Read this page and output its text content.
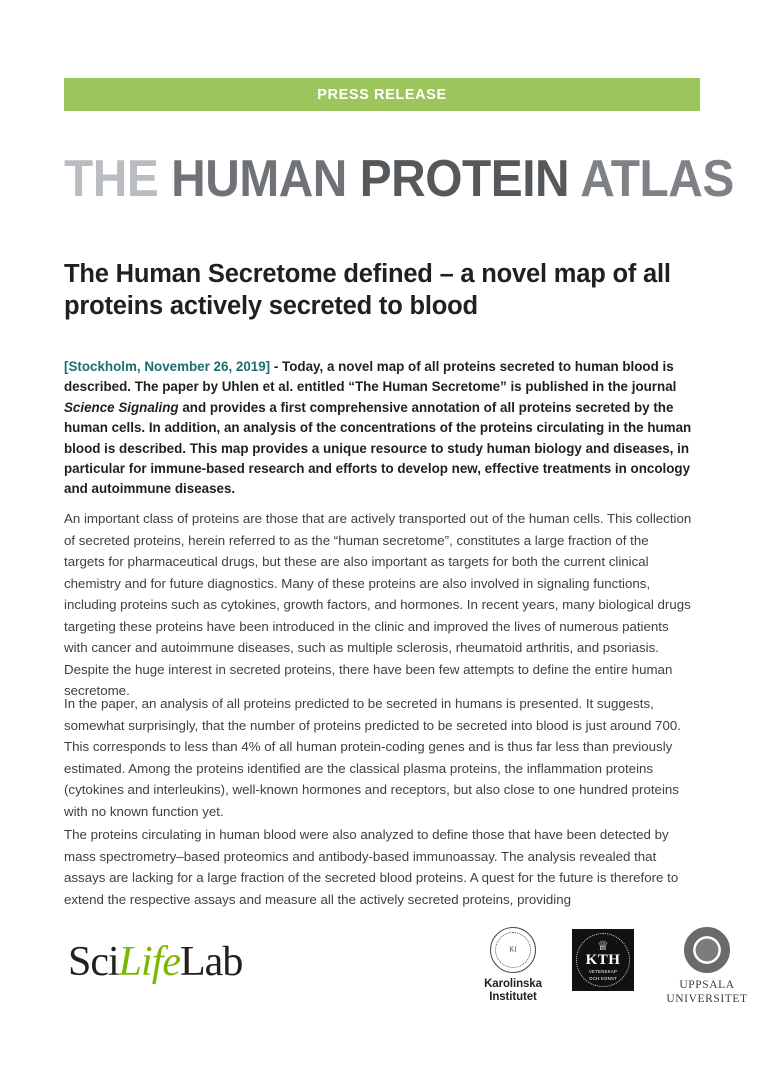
PRESS RELEASE
THE HUMAN PROTEIN ATLAS
The Human Secretome defined – a novel map of all proteins actively secreted to blood

[Stockholm, November 26, 2019] - Today, a novel map of all proteins secreted to human blood is described. The paper by Uhlen et al. entitled “The Human Secretome” is published in the journal Science Signaling and provides a first comprehensive annotation of all proteins secreted by the human cells. In addition, an analysis of the concentrations of the proteins circulating in the human blood is described. This map provides a unique resource to study human biology and diseases, in particular for immune-based research and efforts to develop new, effective treatments in oncology and autoimmune diseases.

An important class of proteins are those that are actively transported out of the human cells. This collection of secreted proteins, herein referred to as the “human secretome”, constitutes a large fraction of the targets for pharmaceutical drugs, but these are also important as targets for both the current clinical chemistry and for future diagnostics. Many of these proteins are also involved in signaling functions, including proteins such as cytokines, growth factors, and hormones. In recent years, many biological drugs targeting these proteins have been introduced in the clinic and improved the lives of numerous patients with cancer and autoimmune diseases, such as multiple sclerosis, rheumatoid arthritis, and psoriasis. Despite the huge interest in secreted proteins, there have been few attempts to define the entire human secretome.

In the paper, an analysis of all proteins predicted to be secreted in humans is presented. It suggests, somewhat surprisingly, that the number of proteins predicted to be secreted into blood is just around 700. This corresponds to less than 4% of all human protein-coding genes and is thus far less than previously estimated. Among the proteins identified are the classical plasma proteins, the inflammation proteins (cytokines and interleukins), well-known hormones and receptors, but also close to one hundred proteins with no known function yet.

The proteins circulating in human blood were also analyzed to define those that have been detected by mass spectrometry–based proteomics and antibody-based immunoassay. The analysis revealed that assays are lacking for a large fraction of the secreted blood proteins. A quest for the future is therefore to extend the respective assays and measure all the actively secreted proteins, providing

SciLifeLab	KI
Karolinska
Institutet
♕
KTH
VETENSKAP
OCH KONST
UPPSALA
UNIVERSITET
